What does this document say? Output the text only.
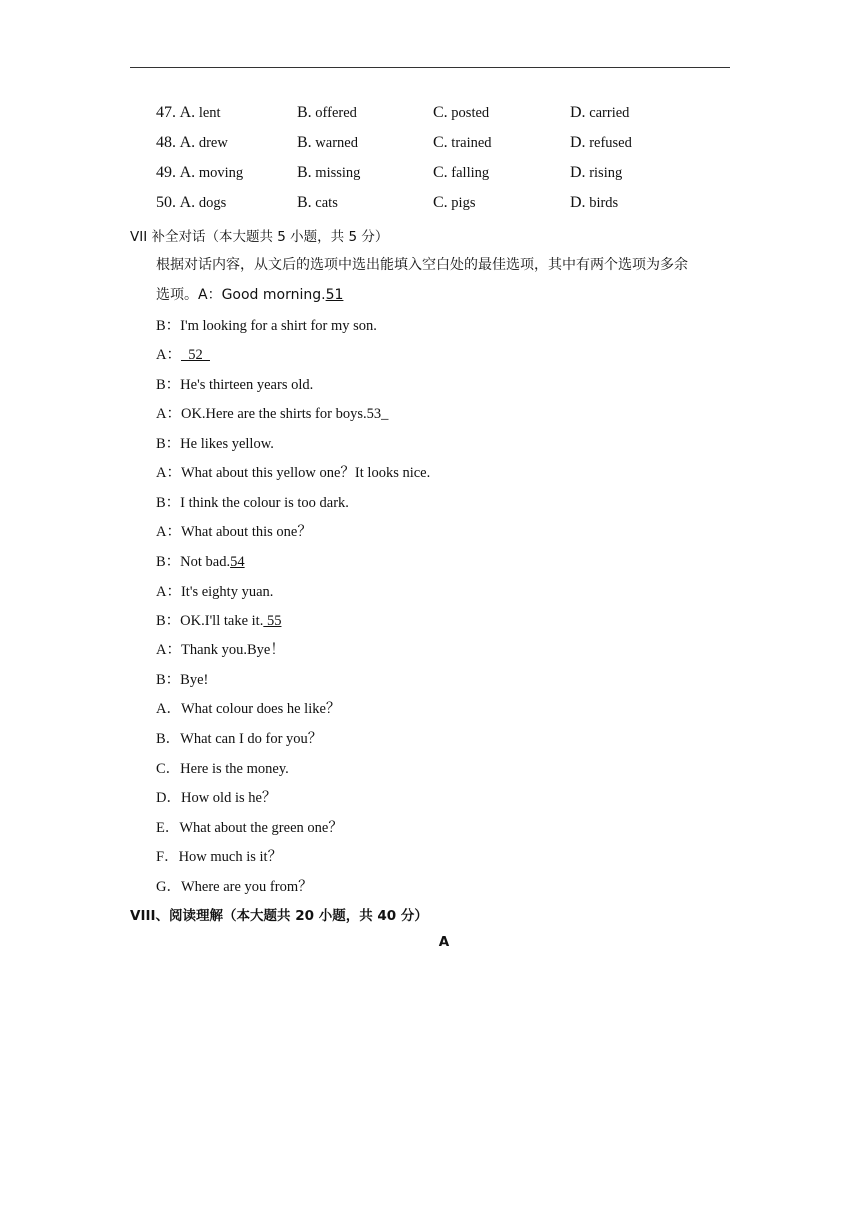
47. A. lent	B. offered	C. posted	D. carried
48. A. drew	B. warned	C. trained	D. refused
49. A. moving	B. missing	C. falling	D. rising
50. A. dogs	B. cats	C. pigs	D. birds
VII 补全对话（本大题共 5 小题，共 5 分）
根据对话内容，从文后的选项中选出能填入空白处的最佳选项，其中有两个选项为多余
选项。A：Good morning.51
B：I'm looking for a shirt for my son.
A：  52
B：He's thirteen years old.
A：OK.Here are the shirts for boys.53_
B：He likes yellow.
A：What about this yellow one？It looks nice.
B：I think the colour is too dark.
A：What about this one？
B：Not bad.54
A：It's eighty yuan.
B：OK.I'll take it. 55
A：Thank you.Bye！
B：Bye!
A．What colour does he like？
B．What can I do for you？
C．Here is the money.
D．How old is he？
E．What about the green one？
F．How much is it？
G．Where are you from？
VIII、阅读理解（本大题共 20 小题，共 40 分）
A
